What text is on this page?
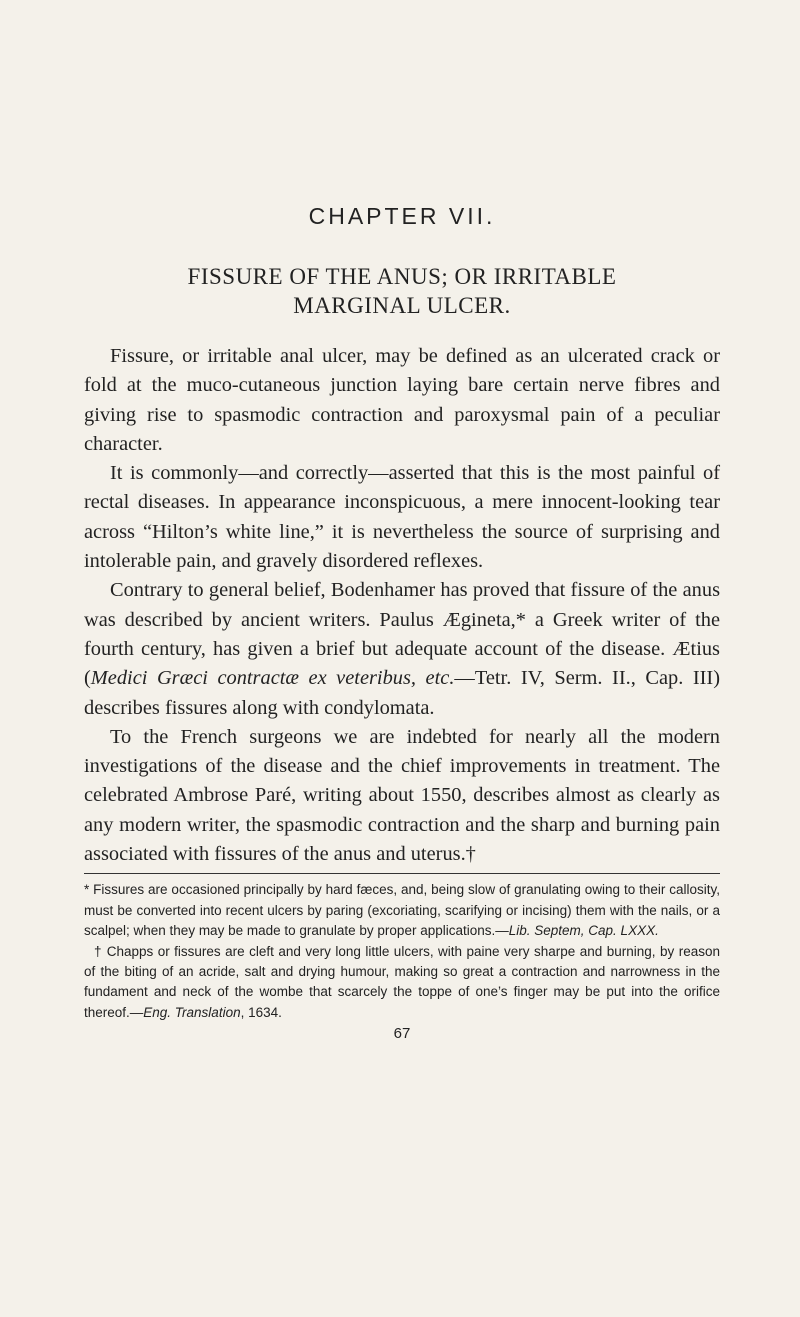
CHAPTER VII.
FISSURE OF THE ANUS; OR IRRITABLE
MARGINAL ULCER.

Fissure, or irritable anal ulcer, may be defined as an ulcerated crack or fold at the muco-cutaneous junction laying bare certain nerve fibres and giving rise to spasmodic contraction and paroxysmal pain of a peculiar character.

It is commonly—and correctly—asserted that this is the most painful of rectal diseases. In appearance inconspicuous, a mere innocent-looking tear across “Hilton’s white line,” it is nevertheless the source of surprising and intolerable pain, and gravely disordered reflexes.

Contrary to general belief, Bodenhamer has proved that fissure of the anus was described by ancient writers. Paulus Ægineta,* a Greek writer of the fourth century, has given a brief but adequate account of the disease. Ætius (Medici Græci contractæ ex veteribus, etc.—Tetr. IV, Serm. II., Cap. III) describes fissures along with condylomata.

To the French surgeons we are indebted for nearly all the modern investigations of the disease and the chief improvements in treatment. The celebrated Ambrose Paré, writing about 1550, describes almost as clearly as any modern writer, the spasmodic contraction and the sharp and burning pain associated with fissures of the anus and uterus.†

* Fissures are occasioned principally by hard fæces, and, being slow of granulating owing to their callosity, must be converted into recent ulcers by paring (excoriating, scarifying or incising) them with the nails, or a scalpel; when they may be made to granulate by proper applications.—Lib. Septem, Cap. LXXX.

† Chapps or fissures are cleft and very long little ulcers, with paine very sharpe and burning, by reason of the biting of an acride, salt and drying humour, making so great a contraction and narrowness in the fundament and neck of the wombe that scarcely the toppe of one’s finger may be put into the orifice thereof.—Eng. Translation, 1634.

67
